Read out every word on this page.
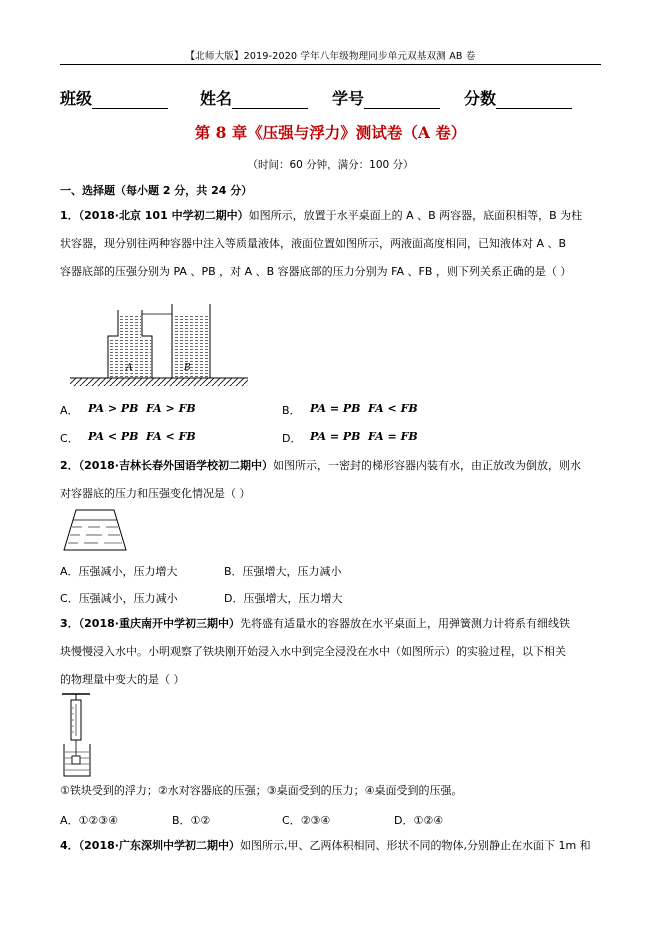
【北师大版】2019-2020 学年八年级物理同步单元双基双测 AB 卷
班级	姓名	学号	分数
第 8 章《压强与浮力》测试卷（A 卷）
（时间：60 分钟，满分：100 分）
一、选择题（每小题 2 分，共 24 分）
1．（2018·北京 101 中学初二期中）如图所示，放置于水平桌面上的 A 、B 两容器，底面积相等，B 为柱
状容器，现分别往两种容器中注入等质量液体，液面位置如图所示，两液面高度相同，已知液体对 A 、B
容器底部的压强分别为 PA 、PB ，对 A 、B 容器底部的压力分别为 FA 、FB ，则下列关系正确的是（ ）
A	B
A． PA > PB FA > FB	B． PA = PB FA < FB
C． PA < PB FA < FB	D． PA = PB FA = FB
2．（2018·吉林长春外国语学校初二期中）如图所示，一密封的梯形容器内装有水，由正放改为倒放，则水
对容器底的压力和压强变化情况是（ ）
A．压强减小，压力增大	B．压强增大，压力减小
C．压强减小，压力减小	D．压强增大，压力增大
3．（2018·重庆南开中学初三期中）先将盛有适量水的容器放在水平桌面上，用弹簧测力计将系有细线铁
块慢慢浸入水中。小明观察了铁块刚开始浸入水中到完全浸没在水中（如图所示）的实验过程，以下相关
的物理量中变大的是（ ）
①铁块受到的浮力；②水对容器底的压强；③桌面受到的压力；④桌面受到的压强。
A．①②③④	B．①②	C．②③④	D．①②④
4．（2018·广东深圳中学初二期中）如图所示,甲、乙两体积相同、形状不同的物体,分别静止在水面下 1m 和
